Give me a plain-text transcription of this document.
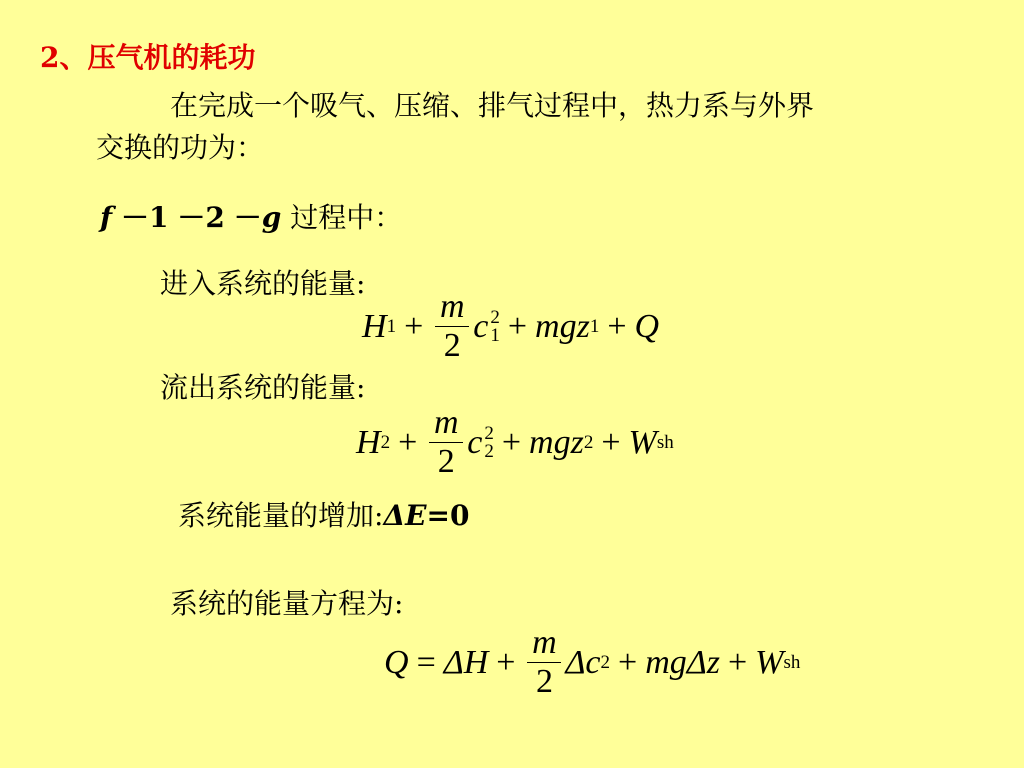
2、压气机的耗功
在完成一个吸气、压缩、排气过程中，热力系与外界
交换的功为：
f －1 －2 －g 过程中：
进入系统的能量:
H $1 + \frac{m}{2}$ c 2
1 + mgz 1 + Q
流出系统的能量:
H $2 + \frac{m}{2}$ c 2
2 + mgz 2 + W sh
系统能量的增加:ΔE=0
系统的能量方程为:
$Q = \Delta H + \frac{m}{2}$ Δc 2 + mg Δz + W sh
